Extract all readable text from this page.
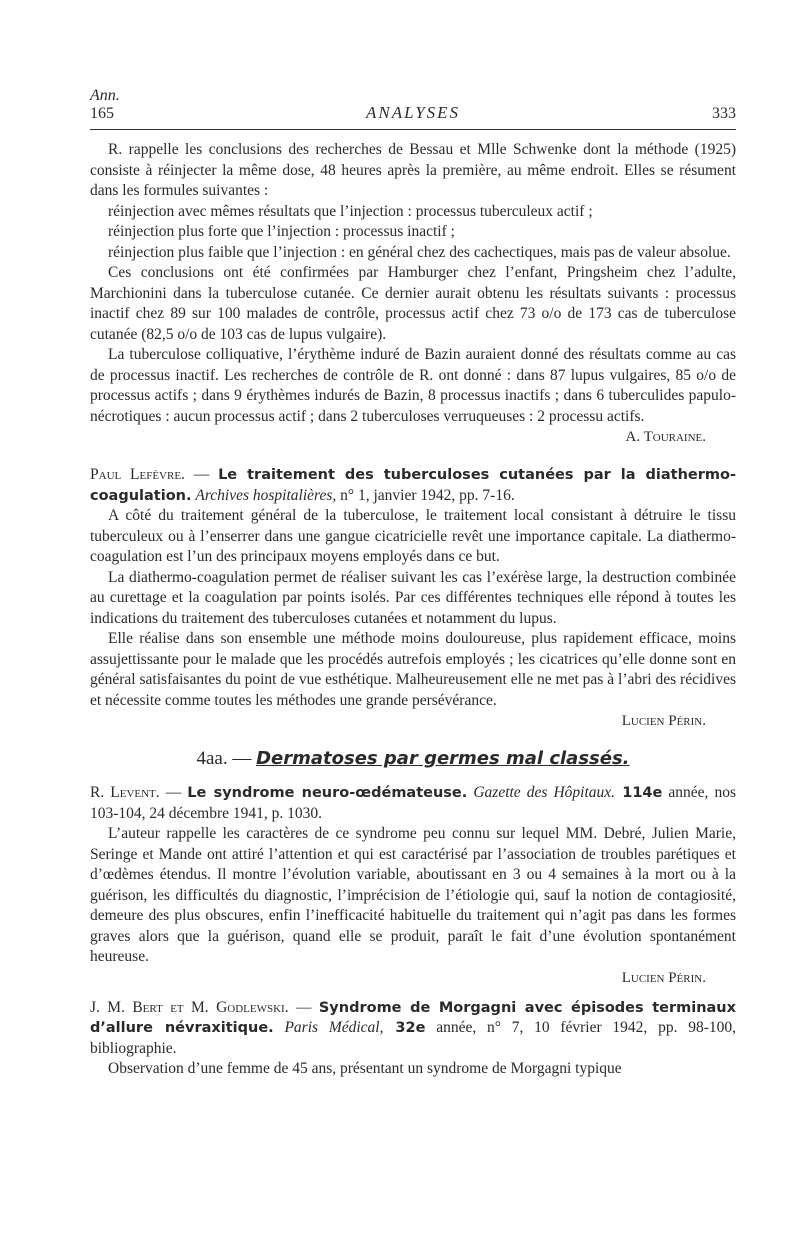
Ann.
165	ANALYSES	333

R. rappelle les conclusions des recherches de Bessau et Mlle Schwenke dont la méthode (1925) consiste à réinjecter la même dose, 48 heures après la première, au même endroit. Elles se résument dans les formules suivantes :

réinjection avec mêmes résultats que l’injection : processus tuberculeux actif ;

réinjection plus forte que l’injection : processus inactif ;

réinjection plus faible que l’injection : en général chez des cachectiques, mais pas de valeur absolue.

Ces conclusions ont été confirmées par Hamburger chez l’enfant, Pringsheim chez l’adulte, Marchionini dans la tuberculose cutanée. Ce dernier aurait obtenu les résultats suivants : processus inactif chez 89 sur 100 malades de contrôle, processus actif chez 73 o/o de 173 cas de tuberculose cutanée (82,5 o/o de 103 cas de lupus vulgaire).

La tuberculose colliquative, l’érythème induré de Bazin auraient donné des résultats comme au cas de processus inactif. Les recherches de contrôle de R. ont donné : dans 87 lupus vulgaires, 85 o/o de processus actifs ; dans 9 érythèmes indurés de Bazin, 8 processus inactifs ; dans 6 tuberculides papulo-nécrotiques : aucun processus actif ; dans 2 tuberculoses verruqueuses : 2 processu actifs.

A. Touraine.

Paul Lefèvre. — Le traitement des tuberculoses cutanées par la diathermo-coagulation. Archives hospitalières, n° 1, janvier 1942, pp. 7-16.

A côté du traitement général de la tuberculose, le traitement local consistant à détruire le tissu tuberculeux ou à l’enserrer dans une gangue cicatricielle revêt une importance capitale. La diathermo-coagulation est l’un des principaux moyens employés dans ce but.

La diathermo-coagulation permet de réaliser suivant les cas l’exérèse large, la destruction combinée au curettage et la coagulation par points isolés. Par ces différentes techniques elle répond à toutes les indications du traitement des tuberculoses cutanées et notamment du lupus.

Elle réalise dans son ensemble une méthode moins douloureuse, plus rapidement efficace, moins assujettissante pour le malade que les procédés autrefois employés ; les cicatrices qu’elle donne sont en général satisfaisantes du point de vue esthétique. Malheureusement elle ne met pas à l’abri des récidives et nécessite comme toutes les méthodes une grande persévérance.

Lucien Périn.
4aa. — Dermatoses par germes mal classés.

R. Levent. — Le syndrome neuro-œdémateuse. Gazette des Hôpitaux. 114e année, nos 103-104, 24 décembre 1941, p. 1030.

L’auteur rappelle les caractères de ce syndrome peu connu sur lequel MM. Debré, Julien Marie, Seringe et Mande ont attiré l’attention et qui est caractérisé par l’association de troubles parétiques et d’œdèmes étendus. Il montre l’évolution variable, aboutissant en 3 ou 4 semaines à la mort ou à la guérison, les difficultés du diagnostic, l’imprécision de l’étiologie qui, sauf la notion de contagiosité, demeure des plus obscures, enfin l’inefficacité habituelle du traitement qui n’agit pas dans les formes graves alors que la guérison, quand elle se produit, paraît le fait d’une évolution spontanément heureuse.

Lucien Périn.

J. M. Bert et M. Godlewski. — Syndrome de Morgagni avec épisodes terminaux d’allure névraxitique. Paris Médical, 32e année, n° 7, 10 février 1942, pp. 98-100, bibliographie.

Observation d’une femme de 45 ans, présentant un syndrome de Morgagni typique
